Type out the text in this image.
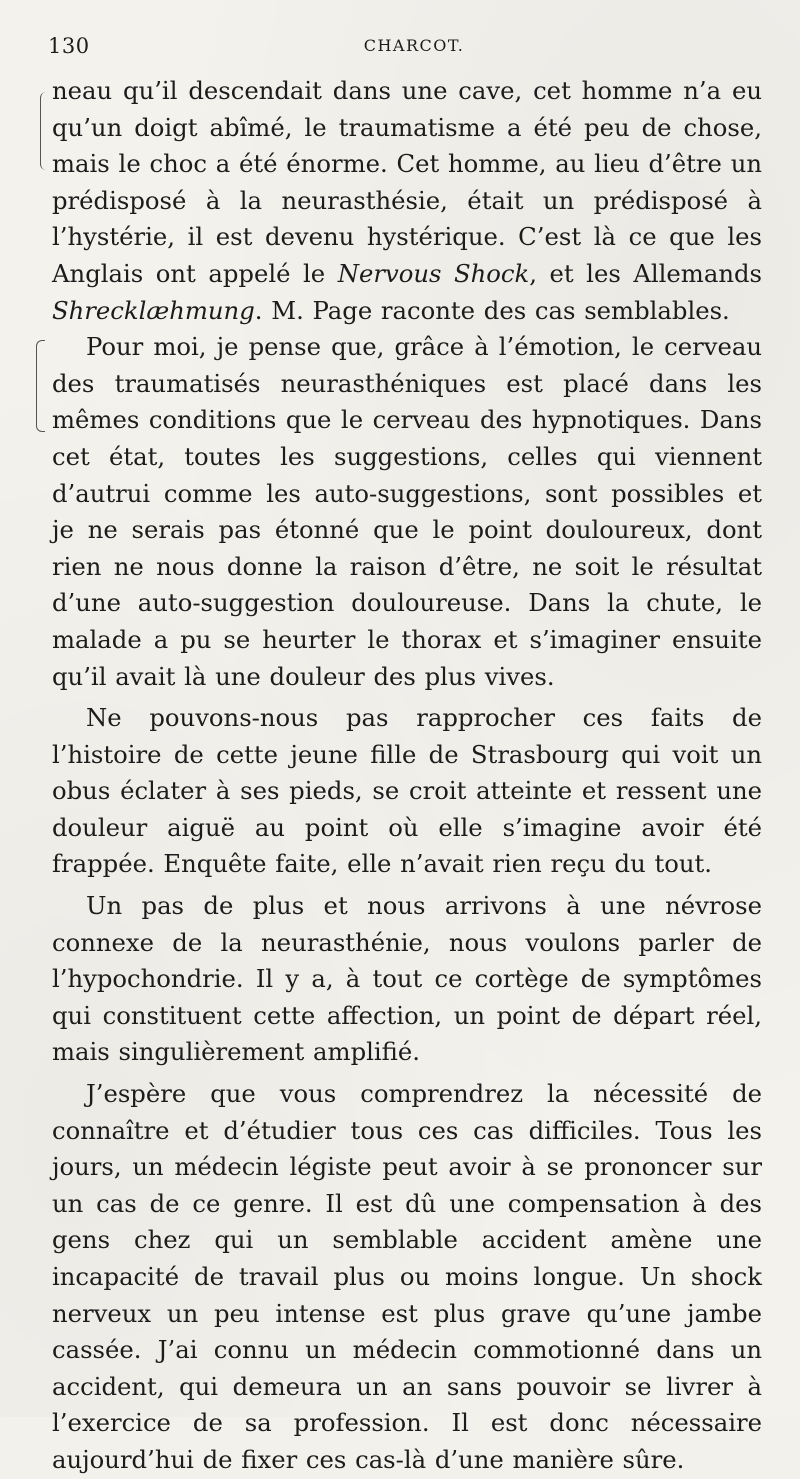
130	CHARCOT.

neau qu’il descendait dans une cave, cet homme n’a eu qu’un doigt abîmé, le traumatisme a été peu de chose, mais le choc a été énorme. Cet homme, au lieu d’être un prédisposé à la neurasthésie, était un prédisposé à l’hystérie, il est devenu hystérique. C’est là ce que les Anglais ont appelé le Nervous Shock, et les Allemands Shrecklæhmung. M. Page raconte des cas semblables.

Pour moi, je pense que, grâce à l’émotion, le cerveau des traumatisés neurasthéniques est placé dans les mêmes conditions que le cerveau des hypnotiques. Dans cet état, toutes les suggestions, celles qui viennent d’autrui comme les auto-suggestions, sont possibles et je ne serais pas étonné que le point douloureux, dont rien ne nous donne la raison d’être, ne soit le résultat d’une auto-suggestion douloureuse. Dans la chute, le malade a pu se heurter le thorax et s’imaginer ensuite qu’il avait là une douleur des plus vives.

Ne pouvons-nous pas rapprocher ces faits de l’histoire de cette jeune fille de Strasbourg qui voit un obus éclater à ses pieds, se croit atteinte et ressent une douleur aiguë au point où elle s’imagine avoir été frappée. Enquête faite, elle n’avait rien reçu du tout.

Un pas de plus et nous arrivons à une névrose connexe de la neurasthénie, nous voulons parler de l’hypochondrie. Il y a, à tout ce cortège de symptômes qui constituent cette affection, un point de départ réel, mais singulièrement amplifié.

J’espère que vous comprendrez la nécessité de connaître et d’étudier tous ces cas difficiles. Tous les jours, un médecin légiste peut avoir à se prononcer sur un cas de ce genre. Il est dû une compensation à des gens chez qui un semblable accident amène une incapacité de travail plus ou moins longue. Un shock nerveux un peu intense est plus grave qu’une jambe cassée. J’ai connu un médecin commotionné dans un accident, qui demeura un an sans pouvoir se livrer à l’exercice de sa profession. Il est donc nécessaire aujourd’hui de fixer ces cas-là d’une manière sûre.
